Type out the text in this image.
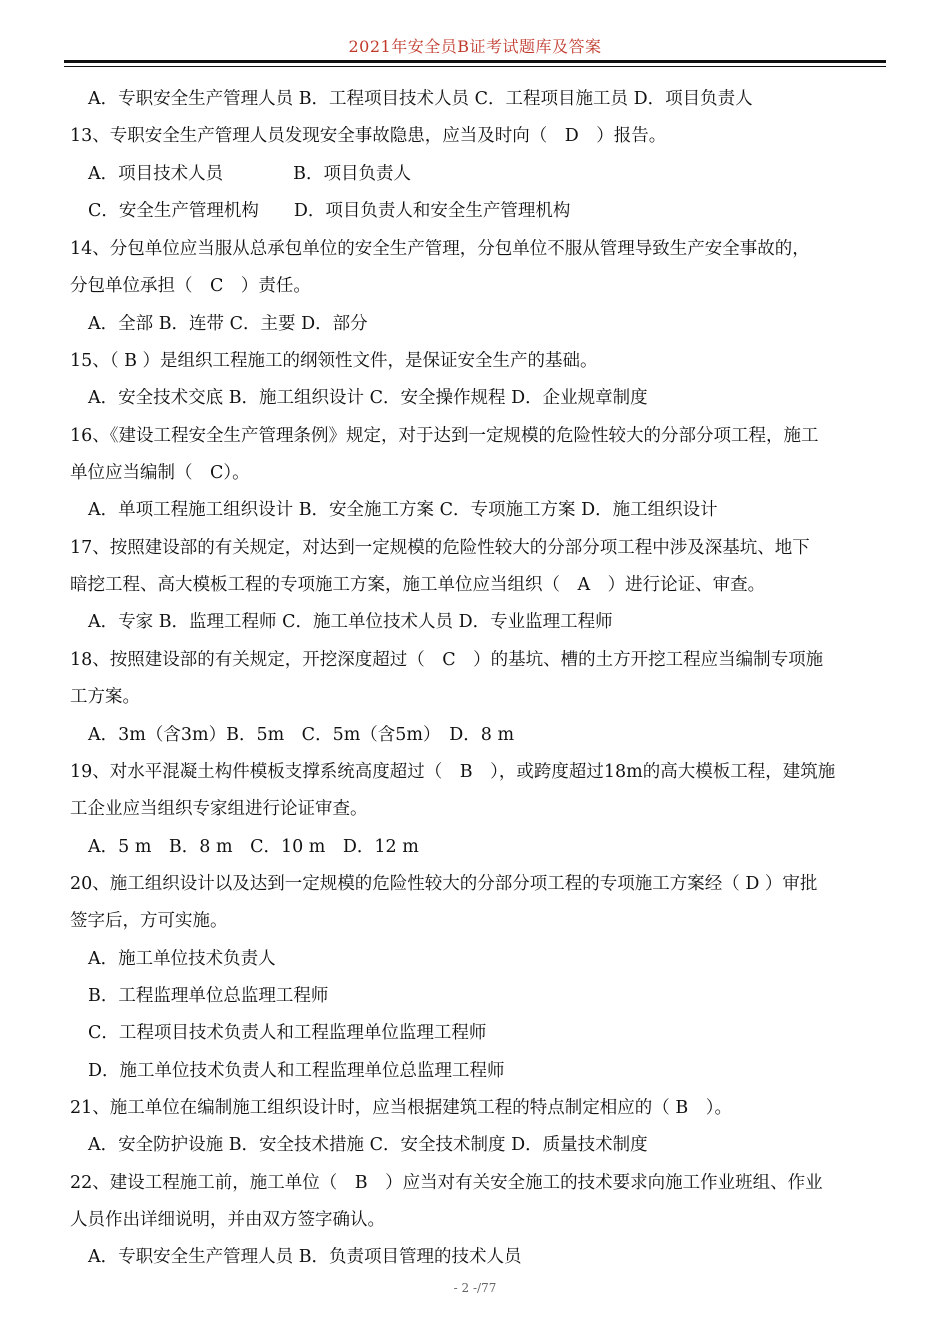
2021年安全员B证考试题库及答案
A．专职安全生产管理人员 B．工程项目技术人员 C．工程项目施工员 D．项目负责人
13、专职安全生产管理人员发现安全事故隐患，应当及时向（　D　）报告。
A．项目技术人员　　　　B．项目负责人
C．安全生产管理机构　　D．项目负责人和安全生产管理机构
14、分包单位应当服从总承包单位的安全生产管理，分包单位不服从管理导致生产安全事故的，
分包单位承担（　C　）责任。
A．全部 B．连带 C．主要 D．部分
15、（ B ）是组织工程施工的纲领性文件，是保证安全生产的基础。
A．安全技术交底 B．施工组织设计 C．安全操作规程 D．企业规章制度
16、《建设工程安全生产管理条例》规定，对于达到一定规模的危险性较大的分部分项工程，施工
单位应当编制（　C）。
A．单项工程施工组织设计 B．安全施工方案 C．专项施工方案 D．施工组织设计
17、按照建设部的有关规定，对达到一定规模的危险性较大的分部分项工程中涉及深基坑、地下
暗挖工程、高大模板工程的专项施工方案，施工单位应当组织（　A　）进行论证、审查。
A．专家 B．监理工程师 C．施工单位技术人员 D．专业监理工程师
18、按照建设部的有关规定，开挖深度超过（　C　）的基坑、槽的土方开挖工程应当编制专项施
工方案。
A．3m（含3m）B．5m　C．5m（含5m）　D．8 m
19、对水平混凝土构件模板支撑系统高度超过（　B　），或跨度超过18m的高大模板工程，建筑施
工企业应当组织专家组进行论证审查。
A．5 m　B．8 m　C．10 m　D．12 m
20、施工组织设计以及达到一定规模的危险性较大的分部分项工程的专项施工方案经（ D ）审批
签字后，方可实施。
A．施工单位技术负责人
B．工程监理单位总监理工程师
C．工程项目技术负责人和工程监理单位监理工程师
D．施工单位技术负责人和工程监理单位总监理工程师
21、施工单位在编制施工组织设计时，应当根据建筑工程的特点制定相应的（ B　）。
A．安全防护设施 B．安全技术措施 C．安全技术制度 D．质量技术制度
22、建设工程施工前，施工单位（　B　）应当对有关安全施工的技术要求向施工作业班组、作业
人员作出详细说明，并由双方签字确认。
A．专职安全生产管理人员 B．负责项目管理的技术人员
- 2 -/77
